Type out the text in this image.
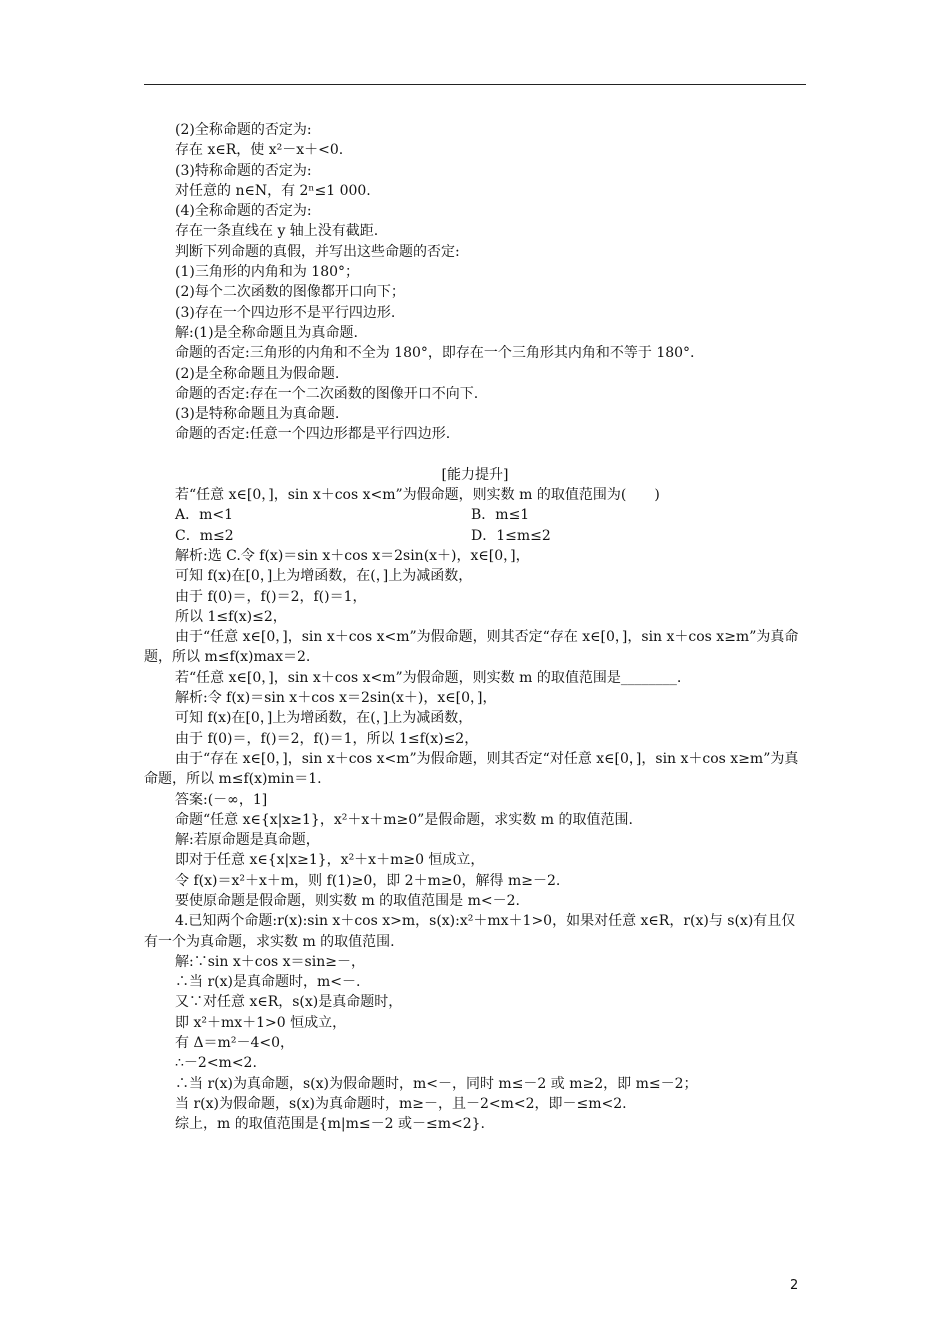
(2)全称命题的否定为:

存在 x∈R，使 x²－x＋<0.

(3)特称命题的否定为:

对任意的 n∈N，有 2ⁿ≤1 000.

(4)全称命题的否定为:

存在一条直线在 y 轴上没有截距.

判断下列命题的真假，并写出这些命题的否定:

(1)三角形的内角和为 180°；

(2)每个二次函数的图像都开口向下；

(3)存在一个四边形不是平行四边形.

解:(1)是全称命题且为真命题.

命题的否定:三角形的内角和不全为 180°，即存在一个三角形其内角和不等于 180°.

(2)是全称命题且为假命题.

命题的否定:存在一个二次函数的图像开口不向下.

(3)是特称命题且为真命题.

命题的否定:任意一个四边形都是平行四边形.

[能力提升]

若“任意 x∈[0，]，sin x＋cos x<m”为假命题，则实数 m 的取值范围为(　　)

A．m<1	B．m≤1
C．m≤2	D．1≤m≤2

解析:选 C.令 f(x)＝sin x＋cos x＝2sin(x＋)，x∈[0，]，

可知 f(x)在[0，]上为增函数，在(，]上为减函数，

由于 f(0)＝，f()＝2，f()＝1，

所以 1≤f(x)≤2，

由于“任意 x∈[0，]，sin x＋cos x<m”为假命题，则其否定“存在 x∈[0，]，sin x＋cos x≥m”为真命题，所以 m≤f(x)max＝2.

若“任意 x∈[0，]，sin x＋cos x<m”为假命题，则实数 m 的取值范围是________.

解析:令 f(x)＝sin x＋cos x＝2sin(x＋)，x∈[0，]，

可知 f(x)在[0，]上为增函数，在(，]上为减函数，

由于 f(0)＝，f()＝2，f()＝1，所以 1≤f(x)≤2，

由于“存在 x∈[0，]，sin x＋cos x<m”为假命题，则其否定“对任意 x∈[0，]，sin x＋cos x≥m”为真命题，所以 m≤f(x)min＝1.

答案:(－∞，1]

命题“任意 x∈{x|x≥1}，x²＋x＋m≥0”是假命题，求实数 m 的取值范围.

解:若原命题是真命题，

即对于任意 x∈{x|x≥1}，x²＋x＋m≥0 恒成立，

令 f(x)＝x²＋x＋m，则 f(1)≥0，即 2＋m≥0，解得 m≥－2.

要使原命题是假命题，则实数 m 的取值范围是 m<－2.

4.已知两个命题:r(x):sin x＋cos x>m，s(x):x²＋mx＋1>0，如果对任意 x∈R，r(x)与 s(x)有且仅有一个为真命题，求实数 m 的取值范围.

解:∵sin x＋cos x＝sin≥－，

∴当 r(x)是真命题时，m<－.

又∵对任意 x∈R，s(x)是真命题时，

即 x²＋mx＋1>0 恒成立，

有 Δ＝m²－4<0，

∴－2<m<2.

∴当 r(x)为真命题，s(x)为假命题时，m<－，同时 m≤－2 或 m≥2，即 m≤－2；

当 r(x)为假命题，s(x)为真命题时，m≥－，且－2<m<2，即－≤m<2.

综上，m 的取值范围是{m|m≤－2 或－≤m<2}.

2
